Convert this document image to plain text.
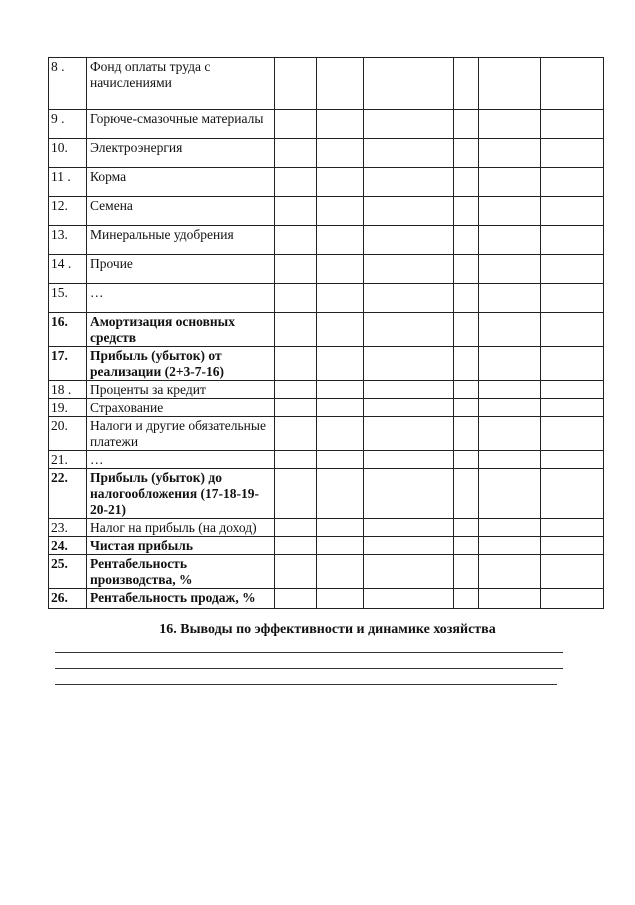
8 .	Фонд оплаты труда с начислениями						
9 .	Горюче-смазочные материалы						
10.	Электроэнергия						
11 .	Корма						
12.	Семена						
13.	Минеральные удобрения						
14 .	Прочие						
15.	…						
16.	Амортизация основных средств						
17.	Прибыль (убыток) от реализации (2+3-7-16)						
18 .	Проценты за кредит						
19.	Страхование						
20.	Налоги и другие обязательные платежи						
21.	…						
22.	Прибыль (убыток) до налогообложения (17-18-19-20-21)						
23.	Налог на прибыль (на доход)						
24.	Чистая прибыль						
25.	Рентабельность производства, %						
26.	Рентабельность продаж, %						
16. Выводы по эффективности и динамике хозяйства
